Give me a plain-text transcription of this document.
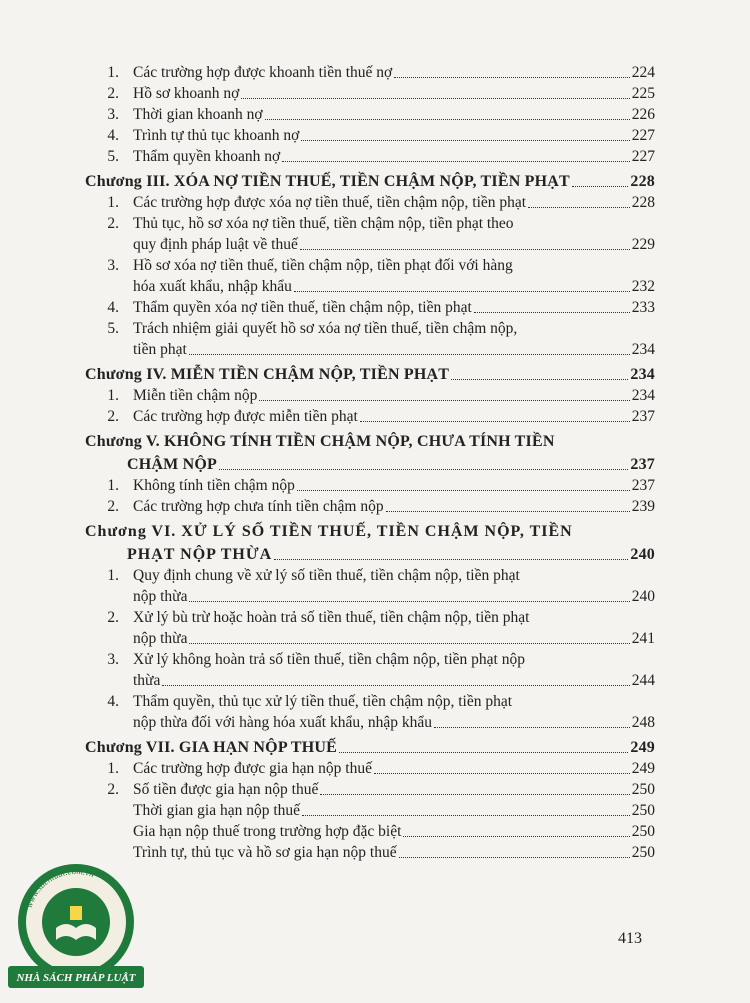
1. Các trường hợp được khoanh tiền thuế nợ	224
2. Hồ sơ khoanh nợ	225
3. Thời gian khoanh nợ	226
4. Trình tự thủ tục khoanh nợ	227
5. Thẩm quyền khoanh nợ	227
Chương III. XÓA NỢ TIỀN THUẾ, TIỀN CHẬM NỘP, TIỀN PHẠT	228
1. Các trường hợp được xóa nợ tiền thuế, tiền chậm nộp, tiền phạt	228
2. Thủ tục, hồ sơ xóa nợ tiền thuế, tiền chậm nộp, tiền phạt theo
quy định pháp luật về thuế	229
3. Hồ sơ xóa nợ tiền thuế, tiền chậm nộp, tiền phạt đối với hàng
hóa xuất khẩu, nhập khẩu	232
4. Thẩm quyền xóa nợ tiền thuế, tiền chậm nộp, tiền phạt	233
5. Trách nhiệm giải quyết hồ sơ xóa nợ tiền thuế, tiền chậm nộp,
tiền phạt	234
Chương IV. MIỄN TIỀN CHẬM NỘP, TIỀN PHẠT	234
1. Miễn tiền chậm nộp	234
2. Các trường hợp được miễn tiền phạt	237
Chương V. KHÔNG TÍNH TIỀN CHẬM NỘP, CHƯA TÍNH TIỀN
CHẬM NỘP	237
1. Không tính tiền chậm nộp	237
2. Các trường hợp chưa tính tiền chậm nộp	239
Chương VI. XỬ LÝ SỐ TIỀN THUẾ, TIỀN CHẬM NỘP, TIỀN
PHẠT NỘP THỪA	240
1. Quy định chung về xử lý số tiền thuế, tiền chậm nộp, tiền phạt
nộp thừa	240
2. Xử lý bù trừ hoặc hoàn trả số tiền thuế, tiền chậm nộp, tiền phạt
nộp thừa	241
3. Xử lý không hoàn trả số tiền thuế, tiền chậm nộp, tiền phạt nộp
thừa	244
4. Thẩm quyền, thủ tục xử lý tiền thuế, tiền chậm nộp, tiền phạt
nộp thừa đối với hàng hóa xuất khẩu, nhập khẩu	248
Chương VII. GIA HẠN NỘP THUẾ	249
1. Các trường hợp được gia hạn nộp thuế	249
2. Số tiền được gia hạn nộp thuế	250
Thời gian gia hạn nộp thuế	250
Gia hạn nộp thuế trong trường hợp đặc biệt	250
Trình tự, thủ tục và hồ sơ gia hạn nộp thuế	250
413
www.sachluat.com.vn
NHÀ SÁCH PHÁP LUẬT
